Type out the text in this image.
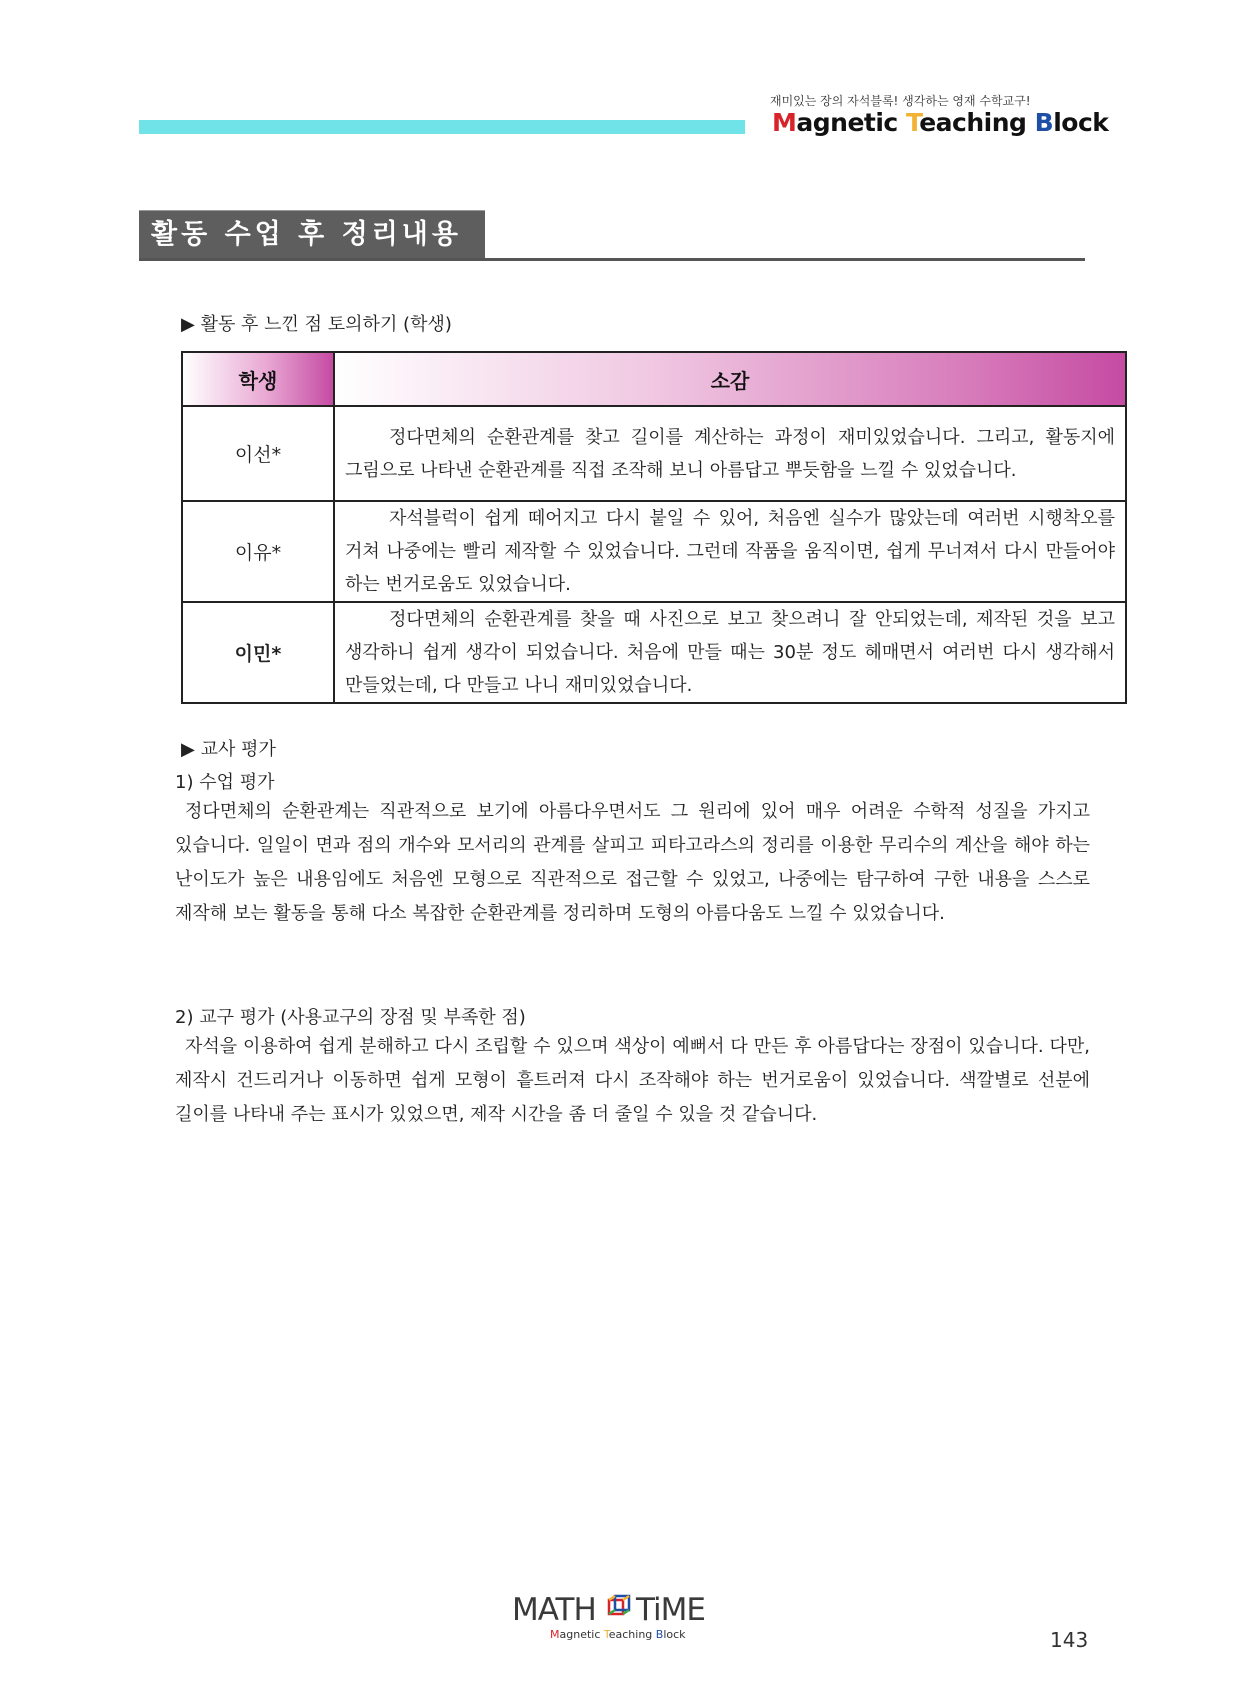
재미있는 장의 자석블록! 생각하는 영재 수학교구!
Magnetic Teaching Block
활동 수업 후 정리내용
▶ 활동 후 느낀 점 토의하기 (학생)
학생	소감
이선*	정다면체의 순환관계를 찾고 길이를 계산하는 과정이 재미있었습니다. 그리고, 활동지에 그림으로 나타낸 순환관계를 직접 조작해 보니 아름답고 뿌듯함을 느낄 수 있었습니다.
이유*	자석블럭이 쉽게 떼어지고 다시 붙일 수 있어, 처음엔 실수가 많았는데 여러번 시행착오를 거쳐 나중에는 빨리 제작할 수 있었습니다. 그런데 작품을 움직이면, 쉽게 무너져서 다시 만들어야 하는 번거로움도 있었습니다.
이민*	정다면체의 순환관계를 찾을 때 사진으로 보고 찾으려니 잘 안되었는데, 제작된 것을 보고 생각하니 쉽게 생각이 되었습니다. 처음에 만들 때는 30분 정도 헤매면서 여러번 다시 생각해서 만들었는데, 다 만들고 나니 재미있었습니다.
▶ 교사 평가
1) 수업 평가
정다면체의 순환관계는 직관적으로 보기에 아름다우면서도 그 원리에 있어 매우 어려운 수학적 성질을 가지고 있습니다. 일일이 면과 점의 개수와 모서리의 관계를 살피고 피타고라스의 정리를 이용한 무리수의 계산을 해야 하는 난이도가 높은 내용임에도 처음엔 모형으로 직관적으로 접근할 수 있었고, 나중에는 탐구하여 구한 내용을 스스로 제작해 보는 활동을 통해 다소 복잡한 순환관계를 정리하며 도형의 아름다움도 느낄 수 있었습니다.
2) 교구 평가 (사용교구의 장점 및 부족한 점)
자석을 이용하여 쉽게 분해하고 다시 조립할 수 있으며 색상이 예뻐서 다 만든 후 아름답다는 장점이 있습니다. 다만, 제작시 건드리거나 이동하면 쉽게 모형이 흩트러져 다시 조작해야 하는 번거로움이 있었습니다. 색깔별로 선분에 길이를 나타내 주는 표시가 있었으면, 제작 시간을 좀 더 줄일 수 있을 것 같습니다.
MATH TiME
Magnetic Teaching Block	143
